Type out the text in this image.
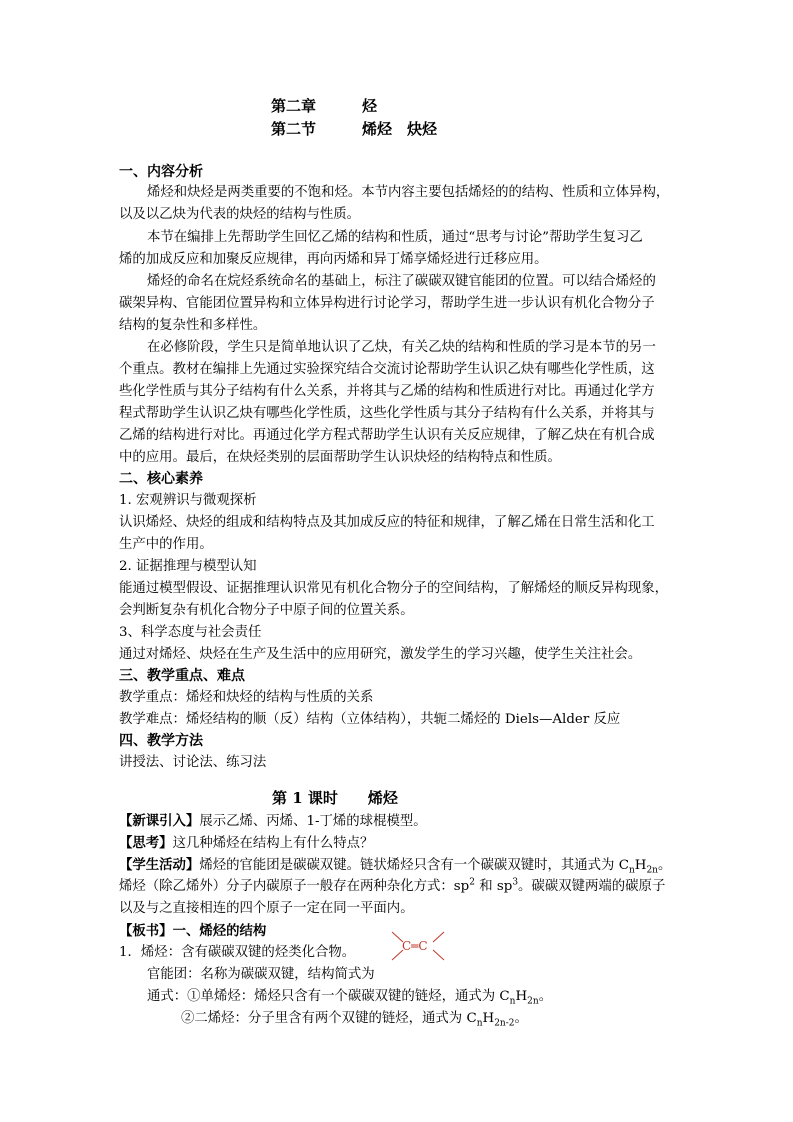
第二章	烃
第二节	烯烃　炔烃
一、内容分析
烯烃和炔烃是两类重要的不饱和烃。本节内容主要包括烯烃的的结构、性质和立体异构，
以及以乙炔为代表的炔烃的结构与性质。
本节在编排上先帮助学生回忆乙烯的结构和性质，通过“思考与讨论”帮助学生复习乙
烯的加成反应和加聚反应规律，再向丙烯和异丁烯享烯烃进行迁移应用。
烯烃的命名在烷烃系统命名的基础上，标注了碳碳双键官能团的位置。可以结合烯烃的
碳架异构、官能团位置异构和立体异构进行讨论学习，帮助学生进一步认识有机化合物分子
结构的复杂性和多样性。
在必修阶段，学生只是简单地认识了乙炔，有关乙炔的结构和性质的学习是本节的另一
个重点。教材在编排上先通过实验探究结合交流讨论帮助学生认识乙炔有哪些化学性质，这
些化学性质与其分子结构有什么关系，并将其与乙烯的结构和性质进行对比。再通过化学方
程式帮助学生认识乙炔有哪些化学性质，这些化学性质与其分子结构有什么关系，并将其与
乙烯的结构进行对比。再通过化学方程式帮助学生认识有关反应规律，了解乙炔在有机合成
中的应用。最后，在炔烃类别的层面帮助学生认识炔烃的结构特点和性质。
二、核心素养
1. 宏观辨识与微观探析
认识烯烃、炔烃的组成和结构特点及其加成反应的特征和规律，了解乙烯在日常生活和化工
生产中的作用。
2. 证据推理与模型认知
能通过模型假设、证据推理认识常见有机化合物分子的空间结构，了解烯烃的顺反异构现象，
会判断复杂有机化合物分子中原子间的位置关系。
3、科学态度与社会责任
通过对烯烃、炔烃在生产及生活中的应用研究，激发学生的学习兴趣，使学生关注社会。
三、教学重点、难点
教学重点：烯烃和炔烃的结构与性质的关系
教学难点：烯烃结构的顺（反）结构（立体结构），共轭二烯烃的 Diels—Alder 反应
四、教学方法
讲授法、讨论法、练习法
第 1 课时　　烯烃
【新课引入】展示乙烯、丙烯、1-丁烯的球棍模型。
【思考】这几种烯烃在结构上有什么特点？
【学生活动】烯烃的官能团是碳碳双键。链状烯烃只含有一个碳碳双键时，其通式为 $C_nH_{2n}$。
烯烃（除乙烯外）分子内碳原子一般存在两种杂化方式：$sp^2$ 和 $sp^3$。碳碳双键两端的碳原子
以及与之直接相连的四个原子一定在同一平面内。
【板书】一、烯烃的结构
1．烯烃：含有碳碳双键的烃类化合物。
官能团：名称为碳碳双键，结构简式为
C═C
通式：①单烯烃：烯烃只含有一个碳碳双键的链烃，通式为 $C_nH_{2n}$。
②二烯烃：分子里含有两个双键的链烃，通式为 $C_nH_{2n-2}$。
